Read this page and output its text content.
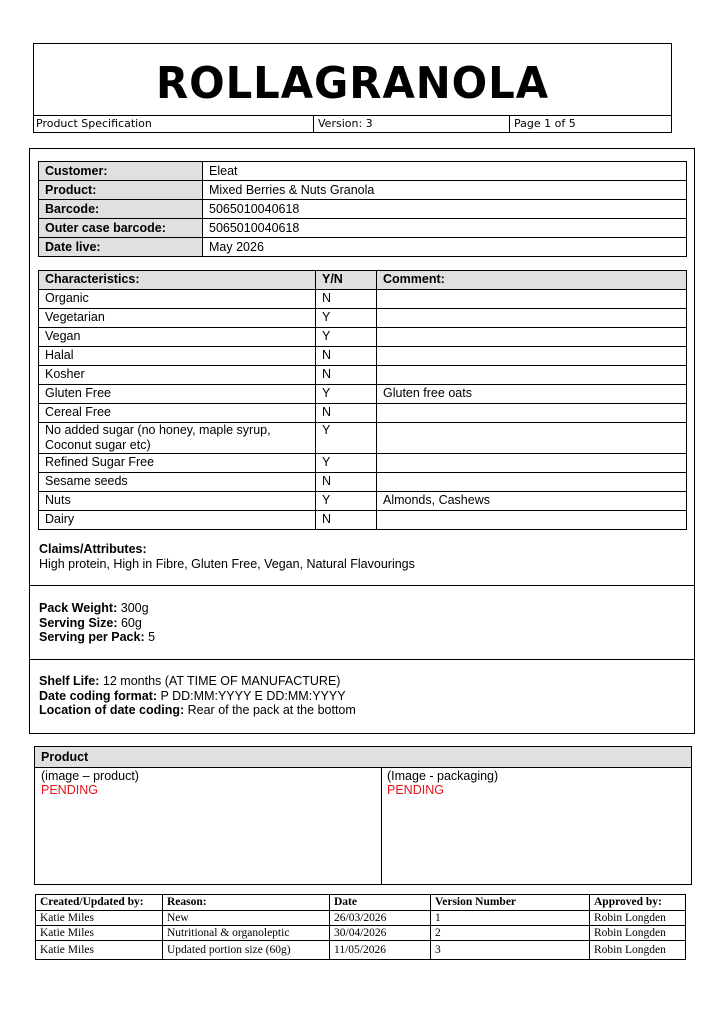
ROLLAGRANOLA
Product Specification	Version: 3	Page 1 of 5
Customer:	Eleat
Product:	Mixed Berries & Nuts Granola
Barcode:	5065010040618
Outer case barcode:	5065010040618
Date live:	May 2026
Characteristics:	Y/N	Comment:
Organic	N	
Vegetarian	Y	
Vegan	Y	
Halal	N	
Kosher	N	
Gluten Free	Y	Gluten free oats
Cereal Free	N	
No added sugar (no honey, maple syrup, Coconut sugar etc)	Y	
Refined Sugar Free	Y	
Sesame seeds	N	
Nuts	Y	Almonds, Cashews
Dairy	N	
Claims/Attributes:
High protein, High in Fibre, Gluten Free, Vegan, Natural Flavourings
Pack Weight: 300g
Serving Size: 60g
Serving per Pack: 5
Shelf Life: 12 months (AT TIME OF MANUFACTURE)
Date coding format: P DD:MM:YYYY E DD:MM:YYYY
Location of date coding: Rear of the pack at the bottom
Product
(image – product)
PENDING
(Image - packaging)
PENDING
Created/Updated by:	Reason:	Date	Version Number	Approved by:
Katie Miles	New	26/03/2026	1	Robin Longden
Katie Miles	Nutritional & organoleptic	30/04/2026	2	Robin Longden
Katie Miles	Updated portion size (60g)	11/05/2026	3	Robin Longden
